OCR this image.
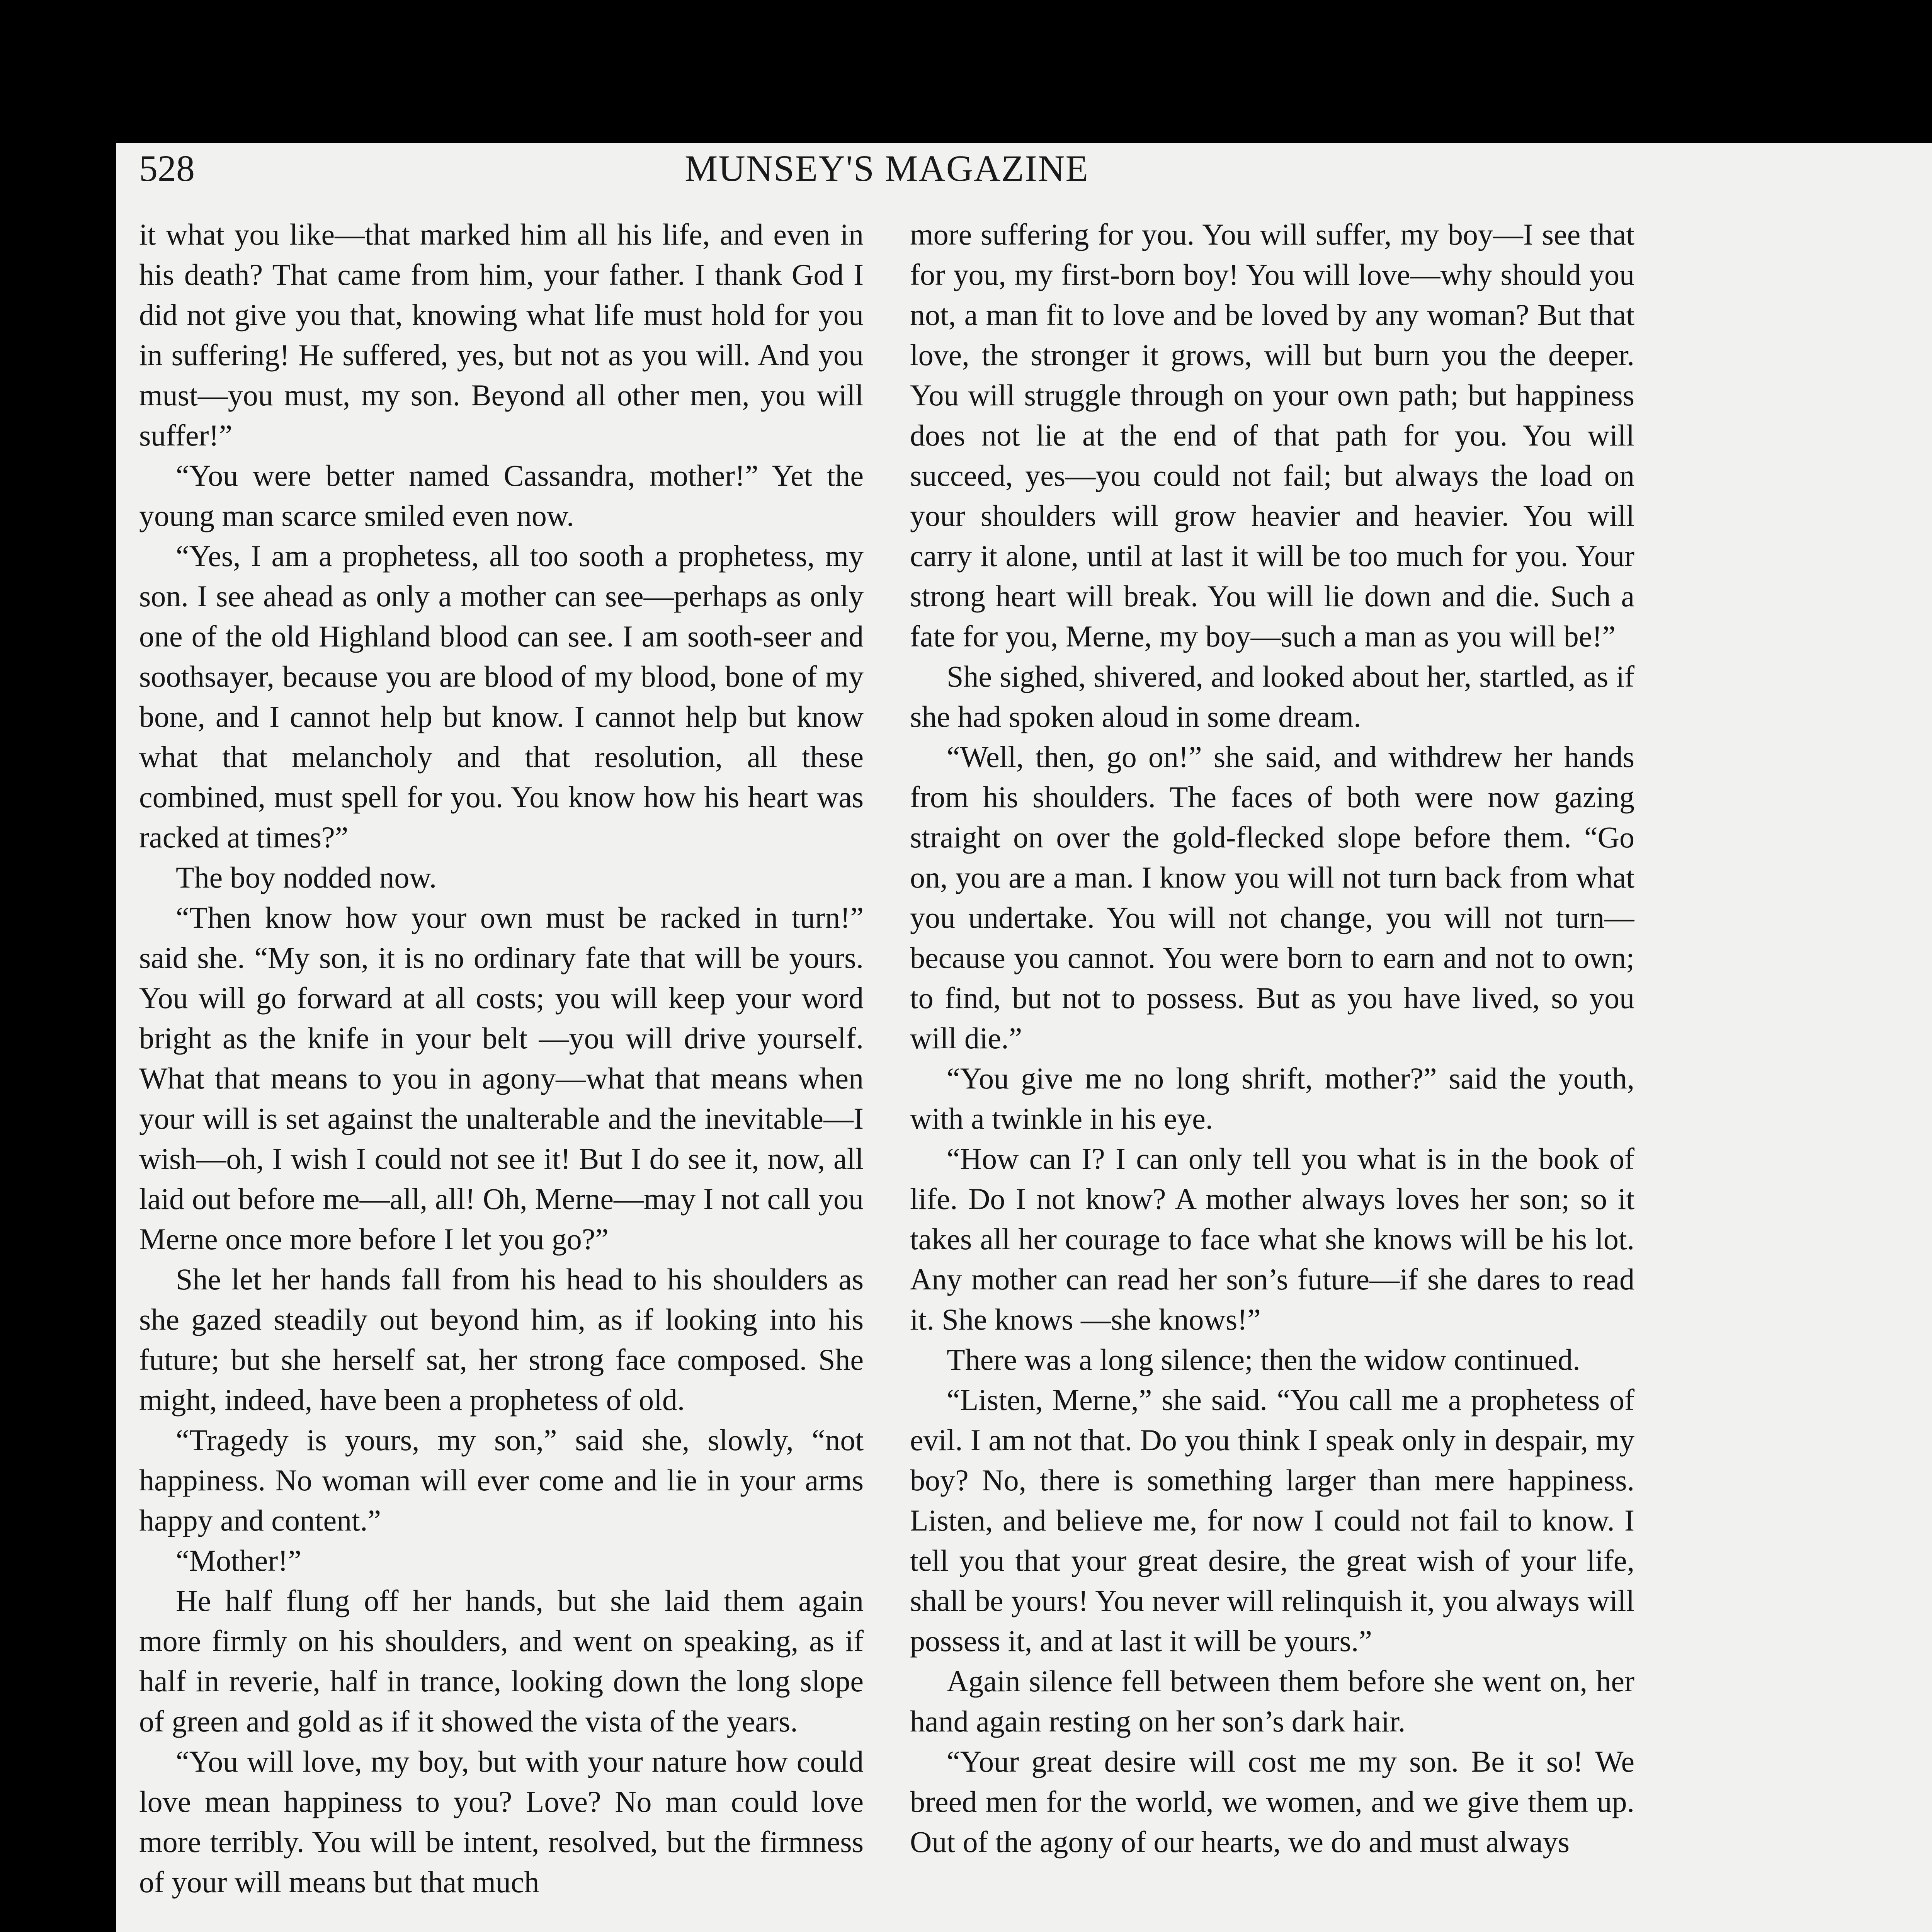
528	MUNSEY'S MAGAZINE

it what you like—that marked him all his life, and even in his death? That came from him, your father. I thank God I did not give you that, knowing what life must hold for you in suffering! He suffered, yes, but not as you will. And you must—you must, my son. Beyond all other men, you will suffer!”

“You were better named Cassandra, mother!” Yet the young man scarce smiled even now.

“Yes, I am a prophetess, all too sooth a prophetess, my son. I see ahead as only a mother can see—perhaps as only one of the old Highland blood can see. I am sooth-seer and soothsayer, because you are blood of my blood, bone of my bone, and I cannot help but know. I cannot help but know what that melancholy and that resolution, all these combined, must spell for you. You know how his heart was racked at times?”

The boy nodded now.

“Then know how your own must be racked in turn!” said she. “My son, it is no ordinary fate that will be yours. You will go forward at all costs; you will keep your word bright as the knife in your belt —you will drive yourself. What that means to you in agony—what that means when your will is set against the unalterable and the inevitable—I wish—oh, I wish I could not see it! But I do see it, now, all laid out before me—all, all! Oh, Merne—may I not call you Merne once more before I let you go?”

She let her hands fall from his head to his shoulders as she gazed steadily out beyond him, as if looking into his future; but she herself sat, her strong face composed. She might, indeed, have been a prophetess of old.

“Tragedy is yours, my son,” said she, slowly, “not happiness. No woman will ever come and lie in your arms happy and content.”

“Mother!”

He half flung off her hands, but she laid them again more firmly on his shoulders, and went on speaking, as if half in reverie, half in trance, looking down the long slope of green and gold as if it showed the vista of the years.

“You will love, my boy, but with your nature how could love mean happiness to you? Love? No man could love more terribly. You will be intent, resolved, but the firmness of your will means but that much

more suffering for you. You will suffer, my boy—I see that for you, my first-born boy! You will love—why should you not, a man fit to love and be loved by any woman? But that love, the stronger it grows, will but burn you the deeper. You will struggle through on your own path; but happiness does not lie at the end of that path for you. You will succeed, yes—you could not fail; but always the load on your shoulders will grow heavier and heavier. You will carry it alone, until at last it will be too much for you. Your strong heart will break. You will lie down and die. Such a fate for you, Merne, my boy—such a man as you will be!”

She sighed, shivered, and looked about her, startled, as if she had spoken aloud in some dream.

“Well, then, go on!” she said, and withdrew her hands from his shoulders. The faces of both were now gazing straight on over the gold-flecked slope before them. “Go on, you are a man. I know you will not turn back from what you undertake. You will not change, you will not turn—because you cannot. You were born to earn and not to own; to find, but not to possess. But as you have lived, so you will die.”

“You give me no long shrift, mother?” said the youth, with a twinkle in his eye.

“How can I? I can only tell you what is in the book of life. Do I not know? A mother always loves her son; so it takes all her courage to face what she knows will be his lot. Any mother can read her son’s future—if she dares to read it. She knows —she knows!”

There was a long silence; then the widow continued.

“Listen, Merne,” she said. “You call me a prophetess of evil. I am not that. Do you think I speak only in despair, my boy? No, there is something larger than mere happiness. Listen, and believe me, for now I could not fail to know. I tell you that your great desire, the great wish of your life, shall be yours! You never will relinquish it, you always will possess it, and at last it will be yours.”

Again silence fell between them before she went on, her hand again resting on her son’s dark hair.

“Your great desire will cost me my son. Be it so! We breed men for the world, we women, and we give them up. Out of the agony of our hearts, we do and must always
